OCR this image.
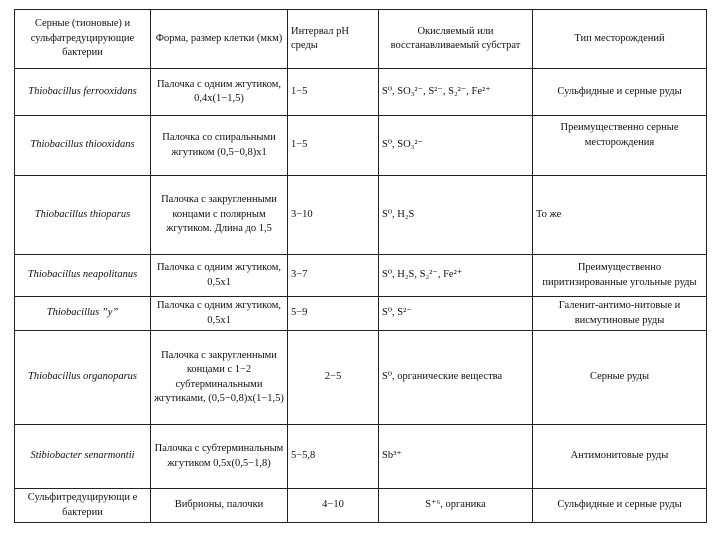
Серные (тионовые) и сульфатредуцирующие бактерии	Форма, размер клетки (мкм)	Интервал рН среды	Окисляемый или восстанавливаемый субстрат	Тип месторождений
Thiobacillus ferrooxidans	Палочка с одним жгутиком, 0,4х(1−1,5)	1−5	S⁰, SO₃²⁻, S²⁻, S₂²⁻, Fe²⁺	Сульфидные и серные руды
Thiobacillus thiooxidans	Палочка со спиральными жгутиком (0,5−0,8)х1	1−5	S⁰, SO₃²⁻	Преимущественно серные месторождения
Thiobacillus thioparus	Палочка с закругленными концами с полярным жгутиком. Длина до 1,5	3−10	S⁰, H₂S	То же
Thiobacillus neapolitanus	Палочка с одним жгутиком, 0,5х1	3−7	S⁰, H₂S, S₂²⁻, Fe²⁺	Преимущественно пиритизированные угольные руды
Thiobacillus ”y”	Палочка с одним жгутиком, 0,5х1	5−9	S⁰, S²⁻	Галенит-антимо-нитовые и висмутиновые руды
Thiobacillus organoparus	Палочка с закругленными концами с 1−2 субтерминальными жгутиками, (0,5−0,8)х(1−1,5)	2−5	S⁰, органические вещества	Серные руды
Stibiobacter senarmontii	Палочка с субтерминальным жгутиком 0,5х(0,5−1,8)	5−5,8	Sb³⁺	Антимонитовые руды
Сульфитредуцирующи е бактерии	Вибрионы, палочки	4−10	S⁺⁶, органика	Сульфидные и серные руды
